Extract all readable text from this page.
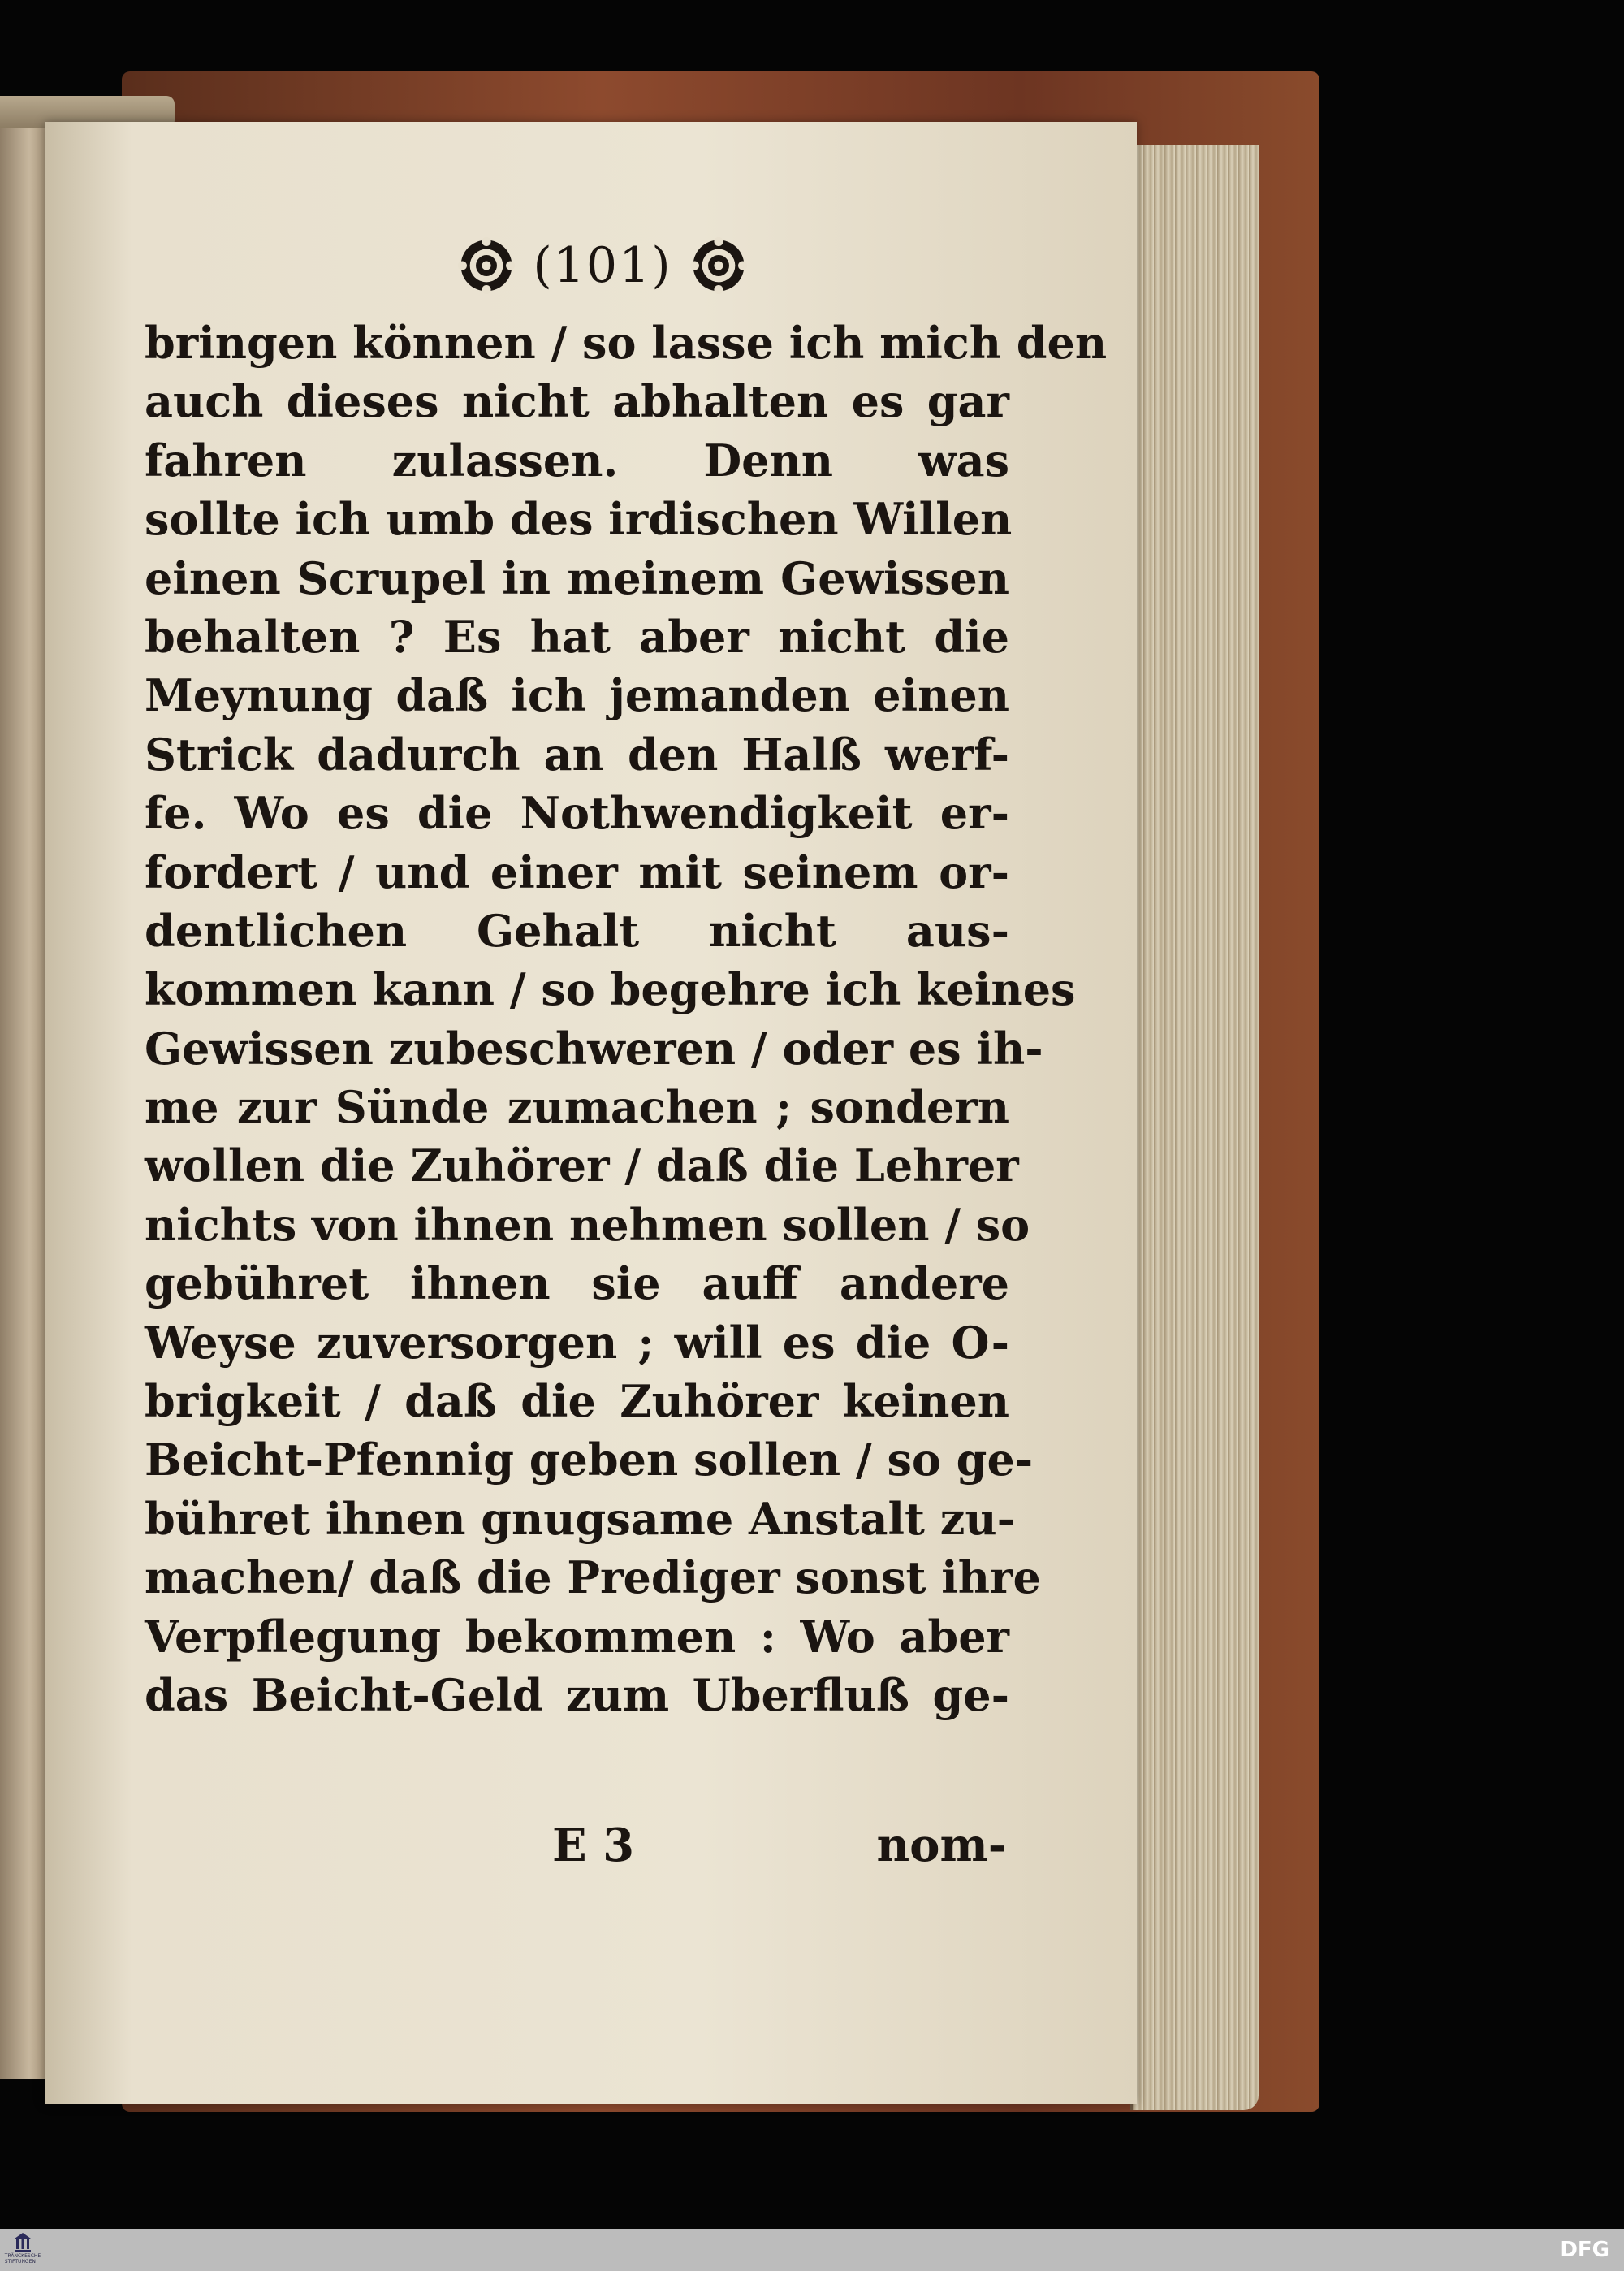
(101)
bringen können / so lasse ich mich den
auch dieses nicht abhalten es gar
fahren zulassen. Denn was
sollte ich umb des irdischen Willen
einen Scrupel in meinem Gewissen
behalten ? Es hat aber nicht die
Meynung daß ich jemanden einen
Strick dadurch an den Halß werf-
fe. Wo es die Nothwendigkeit er-
fordert / und einer mit seinem or-
dentlichen Gehalt nicht aus-
kommen kann / so begehre ich keines
Gewissen zubeschweren / oder es ih-
me zur Sünde zumachen ; sondern
wollen die Zuhörer / daß die Lehrer
nichts von ihnen nehmen sollen / so
gebühret ihnen sie auff andere
Weyse zuversorgen ; will es die O-
brigkeit / daß die Zuhörer keinen
Beicht-Pfennig geben sollen / so ge-
bühret ihnen gnugsame Anstalt zu-
machen/ daß die Prediger sonst ihre
Verpflegung bekommen : Wo aber
das Beicht-Geld zum Uberfluß ge-
E 3	nom-
TRÄNCKESCHE STIFTUNGEN	DFG
